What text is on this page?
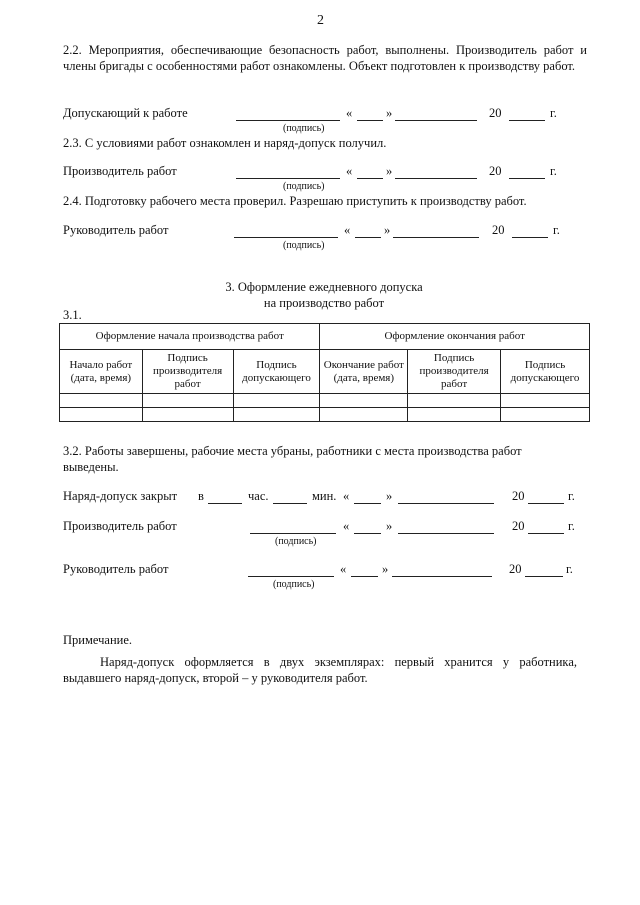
2
2.2. Мероприятия, обеспечивающие безопасность работ, выполнены. Производитель работ и члены бригады с особенностями работ ознакомлены. Объект подготовлен к производству работ.
Допускающий к работе	«	»	20	г.
(подпись)
2.3. С условиями работ ознакомлен и наряд-допуск получил.
Производитель работ	«	»	20	г.
(подпись)
2.4. Подготовку рабочего места проверил. Разрешаю приступить к производству работ.
Руководитель работ	«	»	20	г.
(подпись)
3. Оформление ежедневного допуска
на производство работ
3.1.
Оформление начала производства работ			Оформление окончания работ		
Начало работ (дата, время)	Подпись производителя работ	Подпись допускающего	Окончание работ (дата, время)	Подпись производителя работ	Подпись допускающего

3.2. Работы завершены, рабочие места убраны, работники с места производства работ выведены.
Наряд-допуск закрыт в	час.	мин. «	»	20	г.
Производитель работ	«	»	20	г.
(подпись)
Руководитель работ	«	»	20	г.
(подпись)
Примечание.
Наряд-допуск оформляется в двух экземплярах: первый хранится у работника, выдавшего наряд-допуск, второй – у руководителя работ.
